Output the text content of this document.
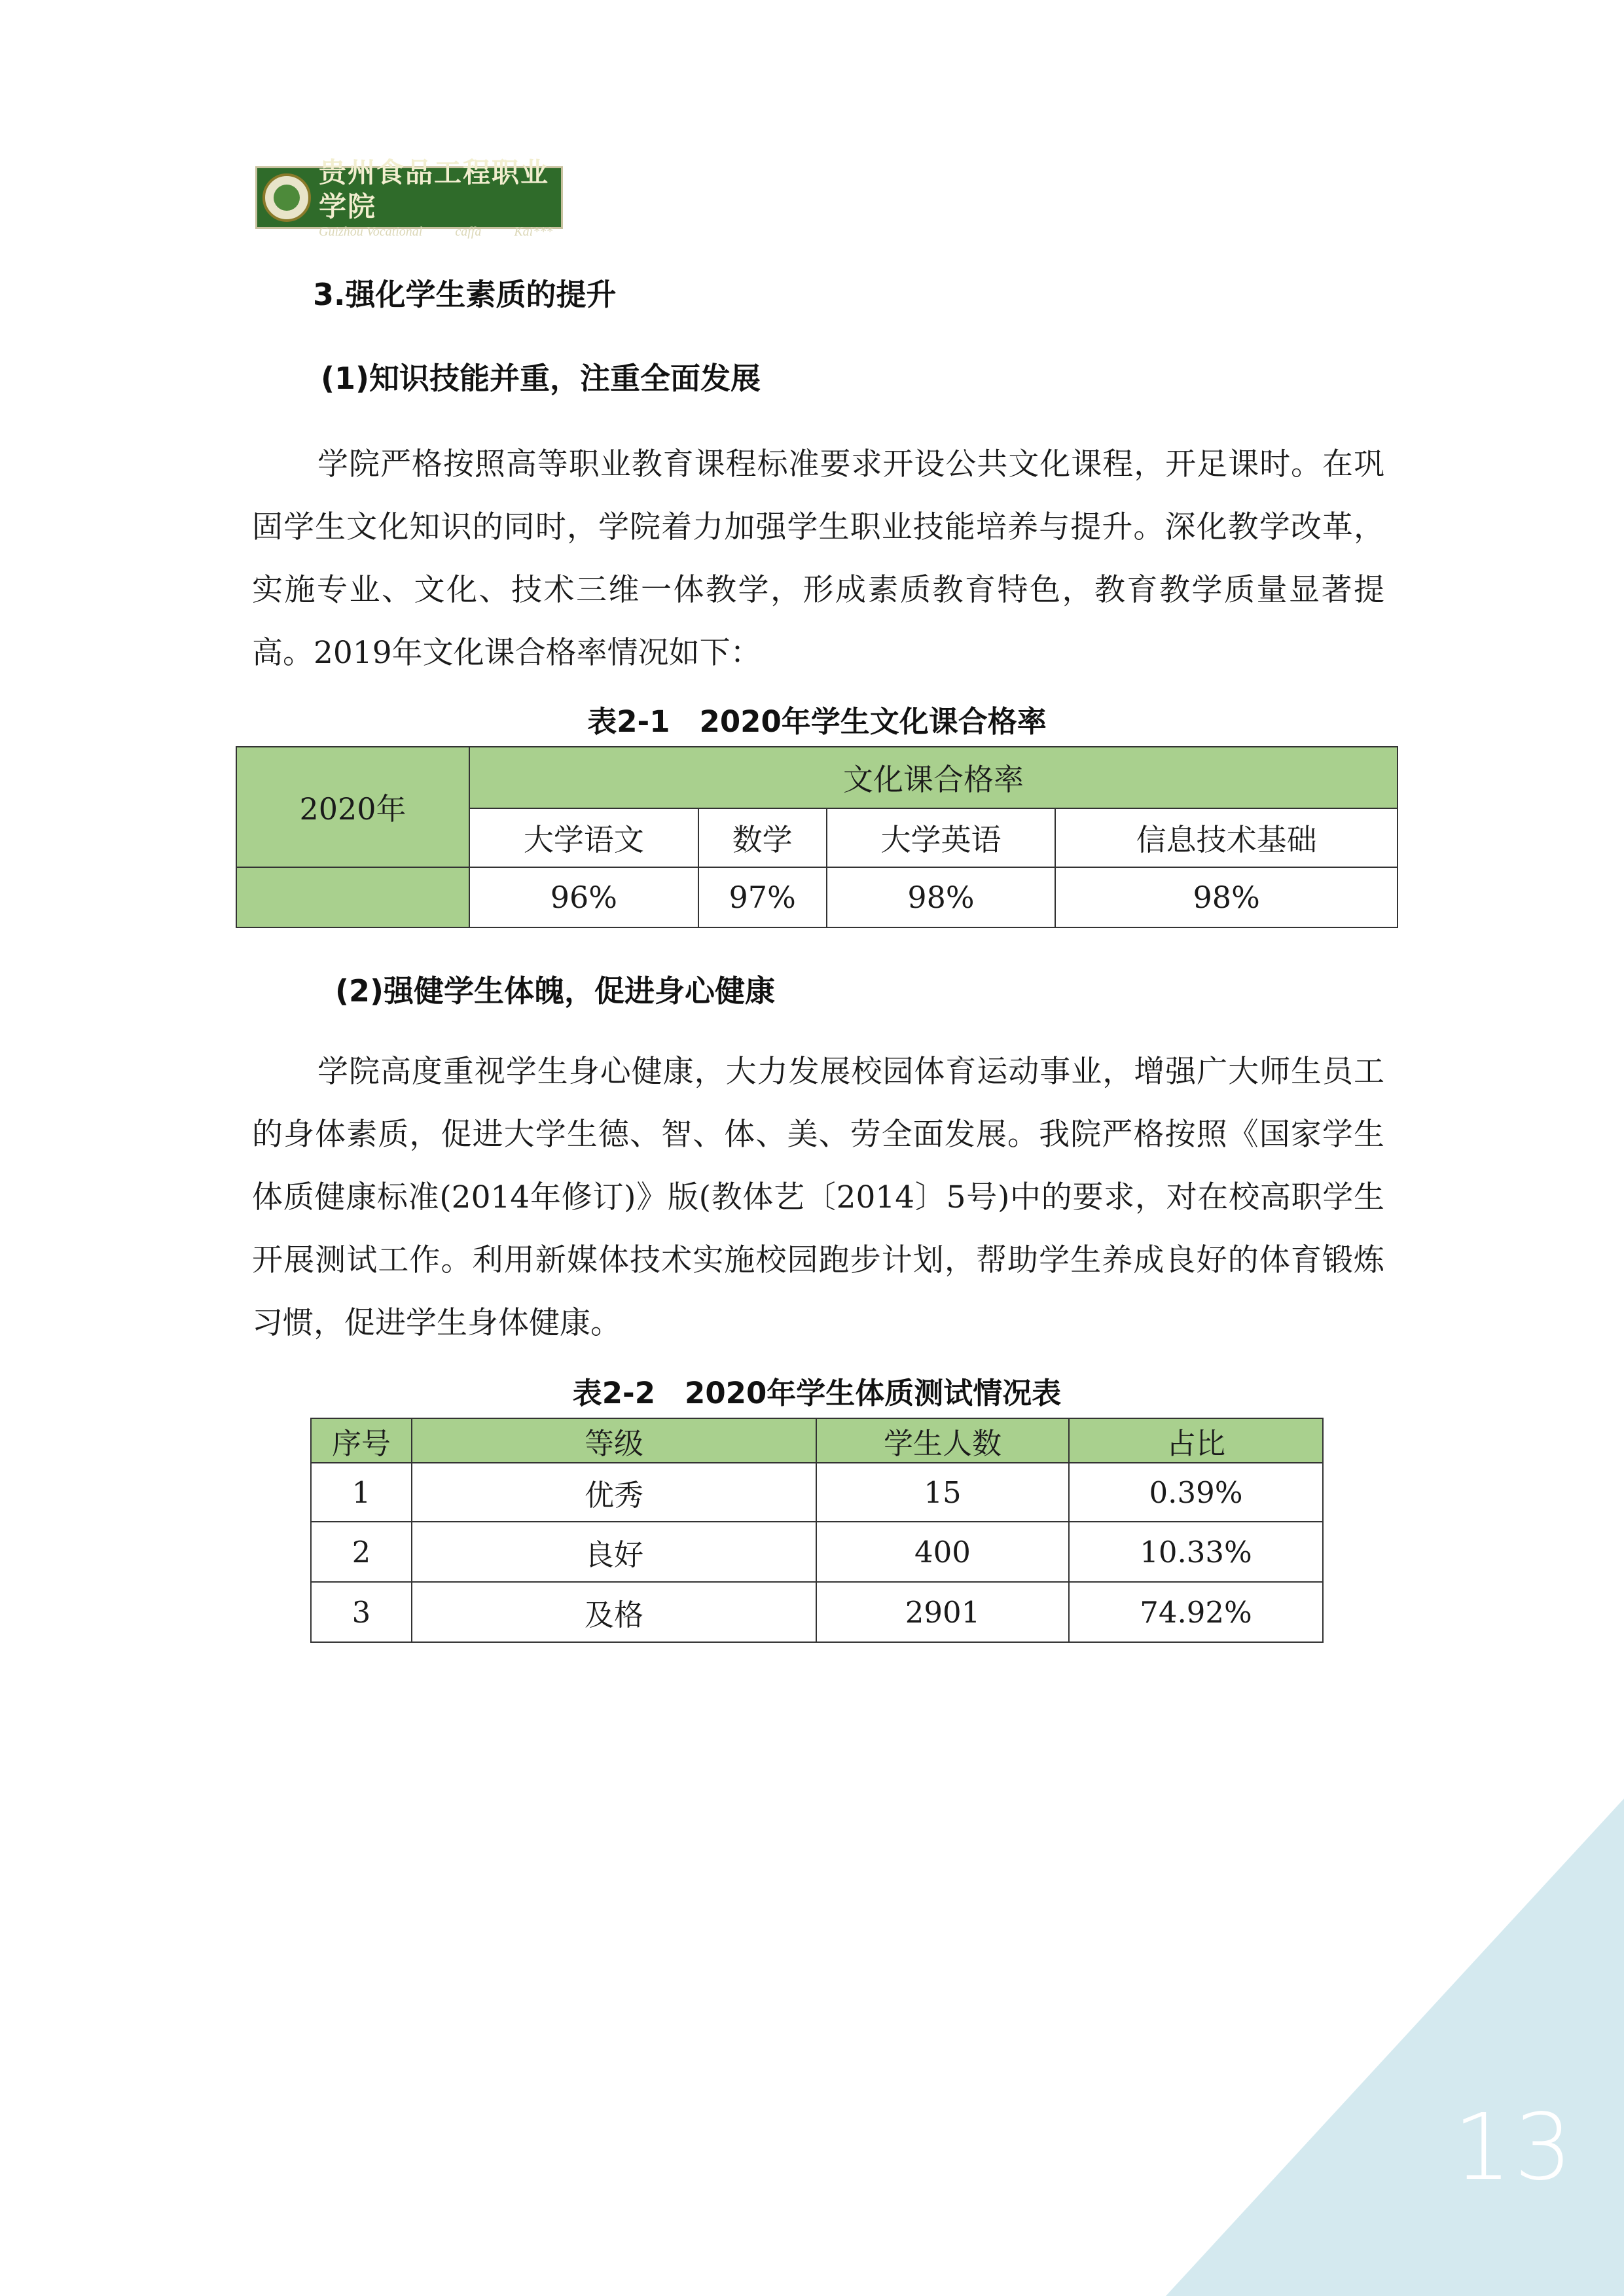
贵州食品工程职业学院
Guizhou Vocational	caffa	Kai***
3.强化学生素质的提升
(1)知识技能并重，注重全面发展

学院严格按照高等职业教育课程标准要求开设公共文化课程，开足课时。在巩固学生文化知识的同时，学院着力加强学生职业技能培养与提升。深化教学改革，实施专业、文化、技术三维一体教学，形成素质教育特色，教育教学质量显著提高。2019年文化课合格率情况如下：

表2-1　2020年学生文化课合格率
2020年	文化课合格率			
	大学语文	数学	大学英语	信息技术基础
	96%	97%	98%	98%
(2)强健学生体魄，促进身心健康

学院高度重视学生身心健康，大力发展校园体育运动事业，增强广大师生员工的身体素质，促进大学生德、智、体、美、劳全面发展。我院严格按照《国家学生体质健康标准(2014年修订)》版(教体艺〔2014〕5号)中的要求，对在校高职学生开展测试工作。利用新媒体技术实施校园跑步计划，帮助学生养成良好的体育锻炼习惯，促进学生身体健康。

表2-2　2020年学生体质测试情况表
序号	等级	学生人数	占比
1	优秀	15	0.39%
2	良好	400	10.33%
3	及格	2901	74.92%
13
